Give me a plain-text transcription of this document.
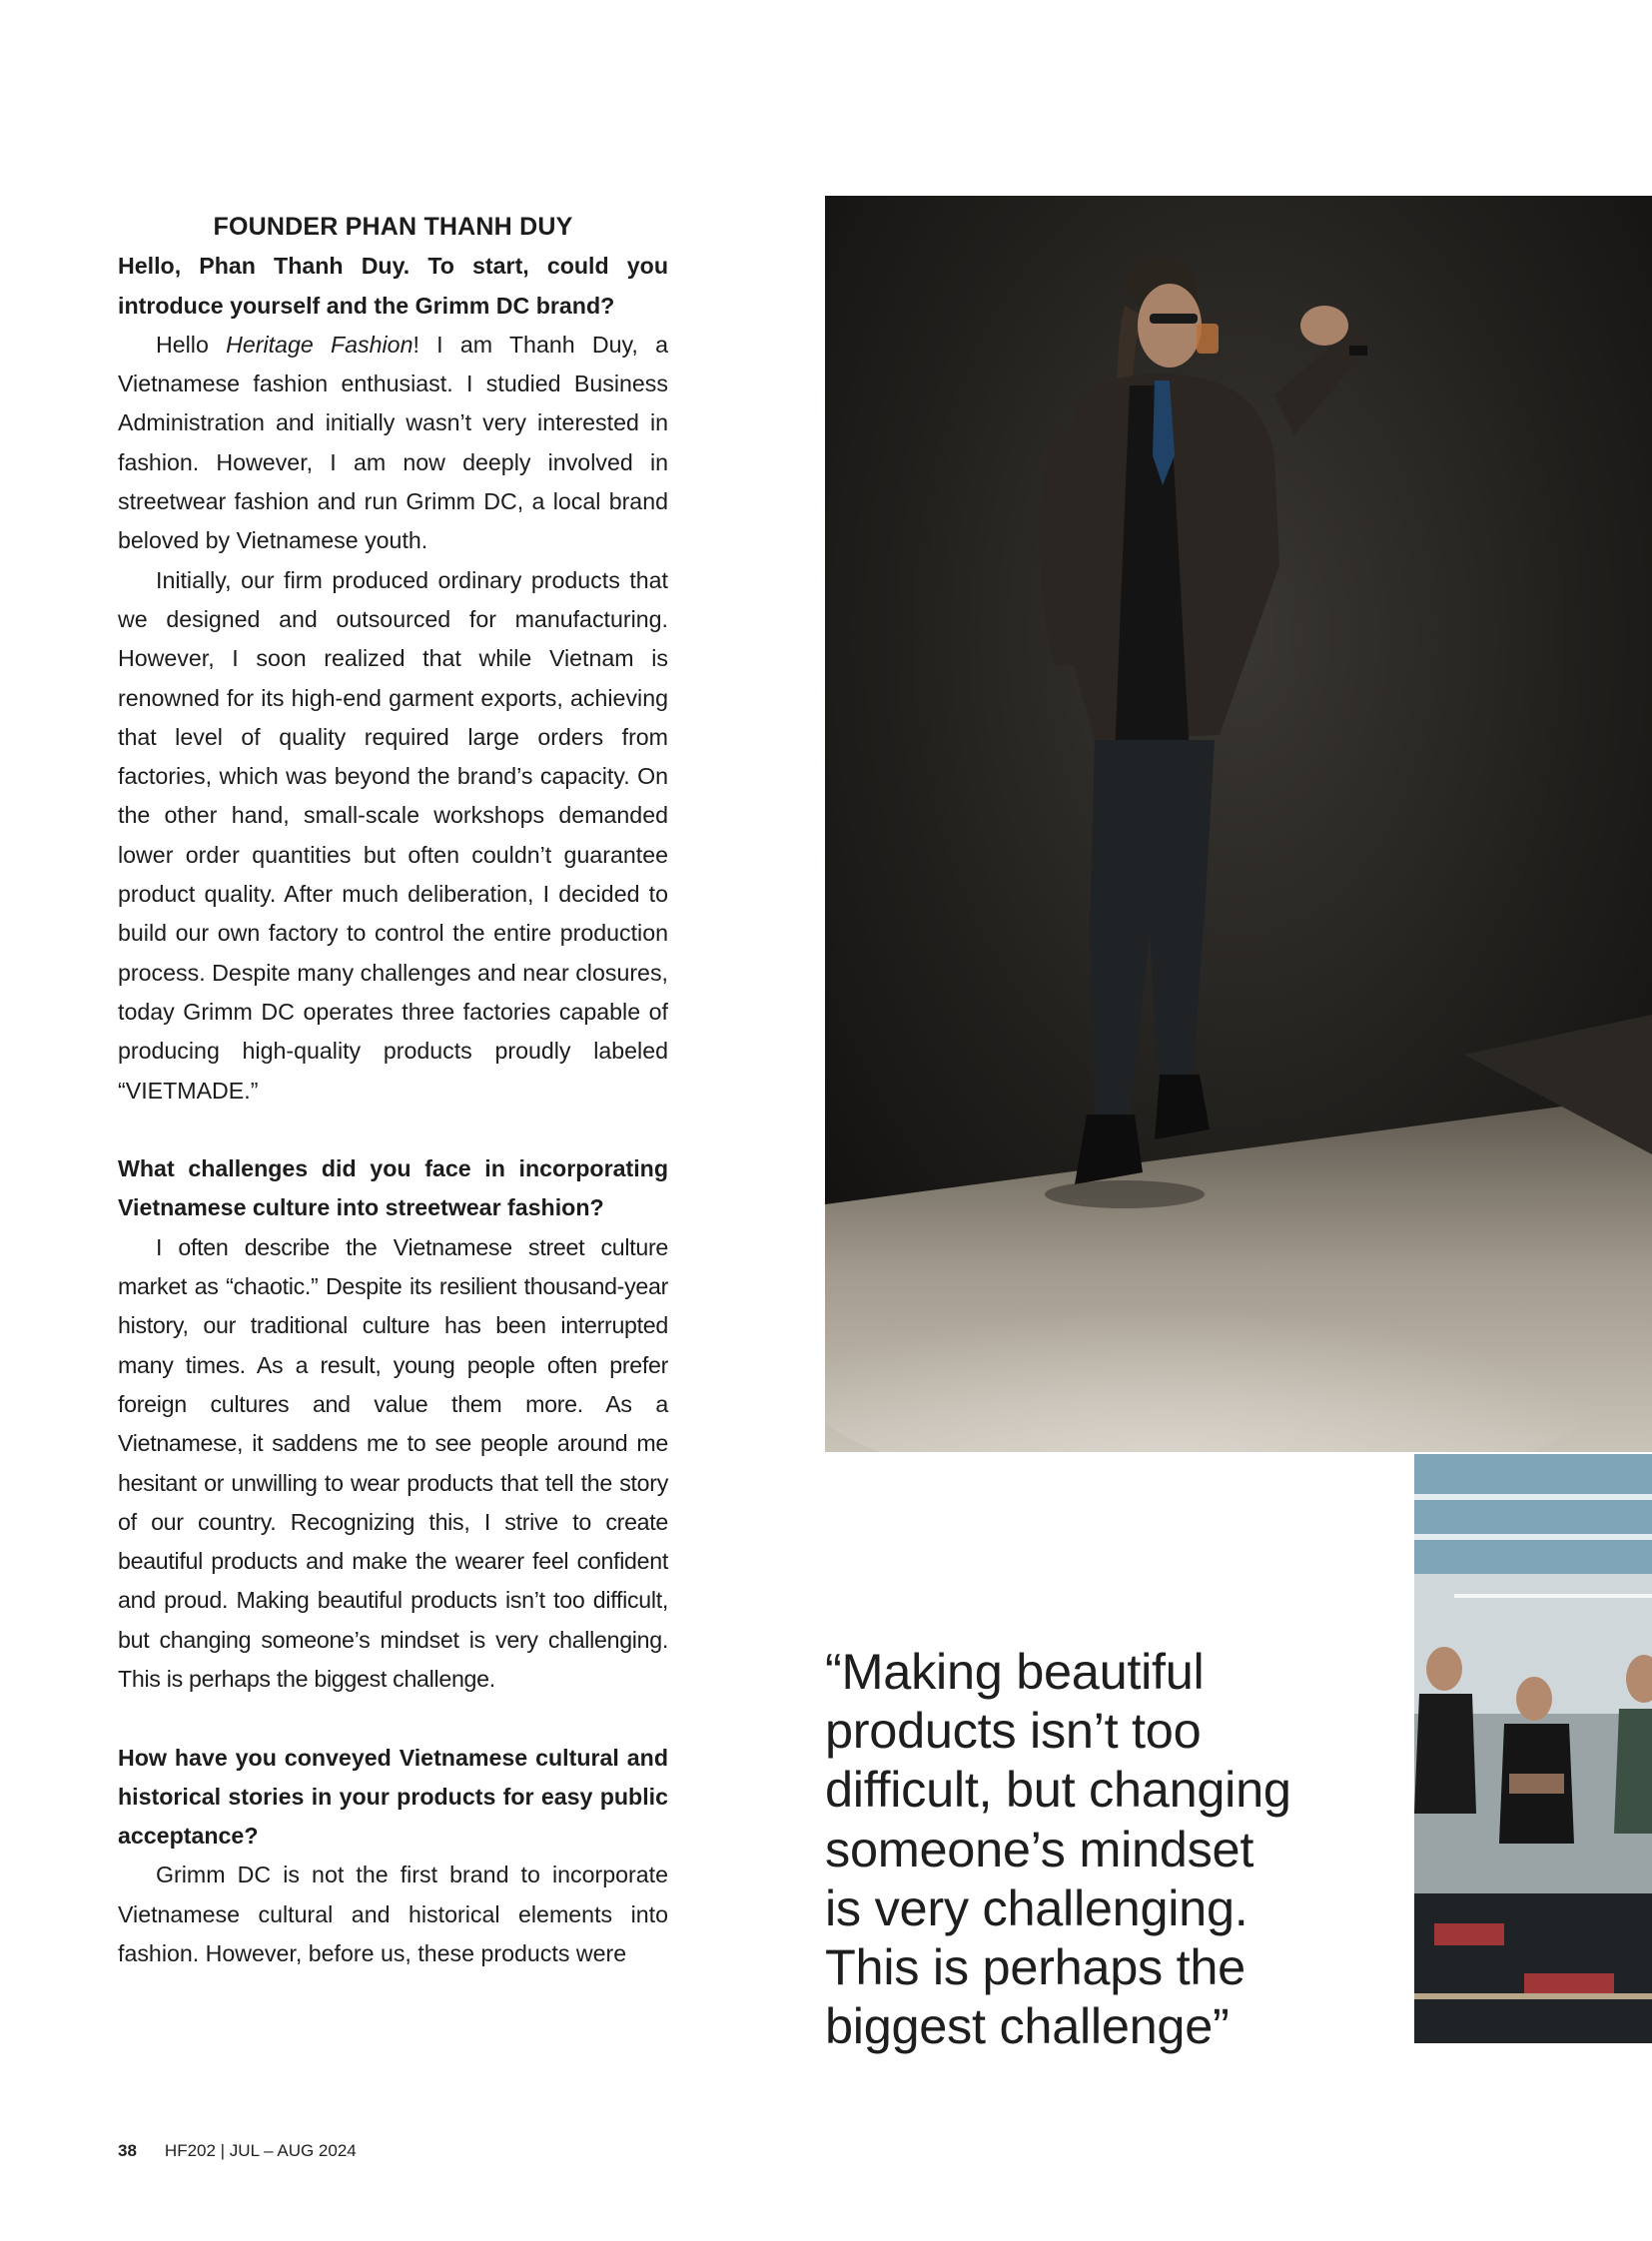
FOUNDER PHAN THANH DUY

Hello, Phan Thanh Duy. To start, could you introduce yourself and the Grimm DC brand?

Hello Heritage Fashion! I am Thanh Duy, a Vietnamese fashion enthusiast. I studied Business Administration and initially wasn’t very interested in fashion. However, I am now deeply involved in streetwear fashion and run Grimm DC, a local brand beloved by Vietnamese youth.

Initially, our firm produced ordinary products that we designed and outsourced for manufacturing. However, I soon realized that while Vietnam is renowned for its high-end garment exports, achieving that level of quality required large orders from factories, which was beyond the brand’s capacity. On the other hand, small-scale workshops demanded lower order quantities but often couldn’t guarantee product quality. After much deliberation, I decided to build our own factory to control the entire production process. Despite many challenges and near closures, today Grimm DC operates three factories capable of producing high-quality products proudly labeled “VIETMADE.”

What challenges did you face in incorporating Vietnamese culture into streetwear fashion?

I often describe the Vietnamese street culture market as “chaotic.” Despite its resilient thousand-year history, our traditional culture has been interrupted many times. As a result, young people often prefer foreign cultures and value them more. As a Vietnamese, it saddens me to see people around me hesitant or unwilling to wear products that tell the story of our country. Recognizing this, I strive to create beautiful products and make the wearer feel confident and proud. Making beautiful products isn’t too difficult, but changing someone’s mindset is very challenging. This is perhaps the biggest challenge.

How have you conveyed Vietnamese cultural and historical stories in your products for easy public acceptance?

Grimm DC is not the first brand to incorporate Vietnamese cultural and historical elements into fashion. However, before us, these products were

“Making beautiful
products isn’t too
difficult, but changing
someone’s mindset
is very challenging.
This is perhaps the
biggest challenge”
38 HF202 | JUL – AUG 2024
